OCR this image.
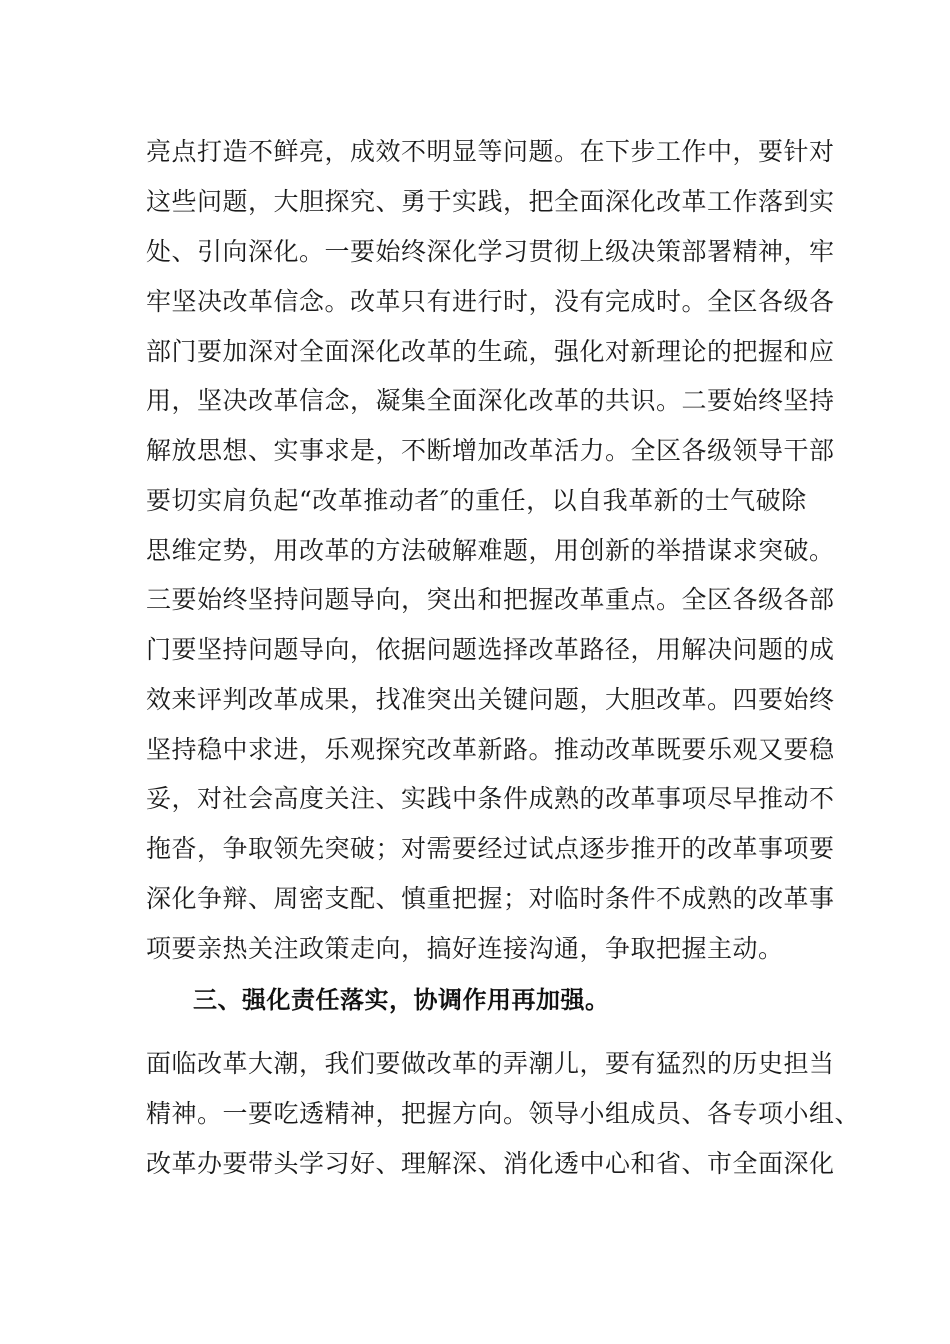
亮点打造不鲜亮，成效不明显等问题。在下步工作中，要针对
这些问题，大胆探究、勇于实践，把全面深化改革工作落到实
处、引向深化。一要始终深化学习贯彻上级决策部署精神，牢
牢坚决改革信念。改革只有进行时，没有完成时。全区各级各
部门要加深对全面深化改革的生疏，强化对新理论的把握和应
用，坚决改革信念，凝集全面深化改革的共识。二要始终坚持
解放思想、实事求是，不断增加改革活力。全区各级领导干部
要切实肩负起“改革推动者″的重任，以自我革新的士气破除
思维定势，用改革的方法破解难题，用创新的举措谋求突破。
三要始终坚持问题导向，突出和把握改革重点。全区各级各部
门要坚持问题导向，依据问题选择改革路径，用解决问题的成
效来评判改革成果，找准突出关键问题，大胆改革。四要始终
坚持稳中求进，乐观探究改革新路。推动改革既要乐观又要稳
妥，对社会高度关注、实践中条件成熟的改革事项尽早推动不
拖沓，争取领先突破；对需要经过试点逐步推开的改革事项要
深化争辩、周密支配、慎重把握；对临时条件不成熟的改革事
项要亲热关注政策走向，搞好连接沟通，争取把握主动。
三、强化责任落实，协调作用再加强。
面临改革大潮，我们要做改革的弄潮儿，要有猛烈的历史担当
精神。一要吃透精神，把握方向。领导小组成员、各专项小组、
改革办要带头学习好、理解深、消化透中心和省、市全面深化
